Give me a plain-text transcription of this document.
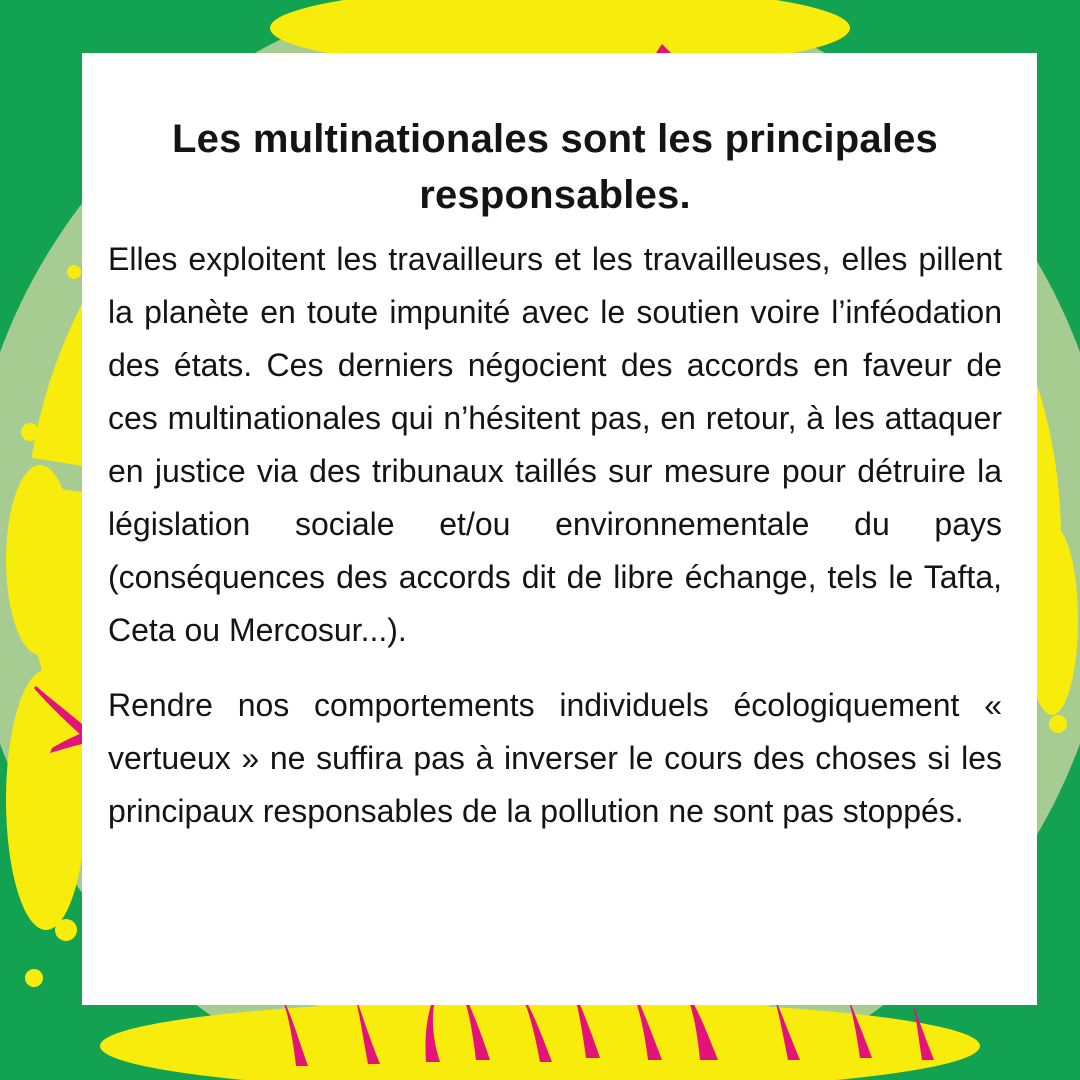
Les multinationales sont les principales
responsables.

Elles exploitent les travailleurs et les travailleuses, elles pillent la planète en toute impunité avec le soutien voire l’inféodation des états. Ces derniers négocient des accords en faveur de ces multinationales qui n’hésitent pas, en retour, à les attaquer en justice via des tribunaux taillés sur mesure pour détruire la législation sociale et/ou environnementale du pays (conséquences des accords dit de libre échange, tels le Tafta, Ceta ou Mercosur...).

Rendre nos comportements individuels écologiquement « vertueux » ne suffira pas à inverser le cours des choses si les principaux responsables de la pollution ne sont pas stoppés.
